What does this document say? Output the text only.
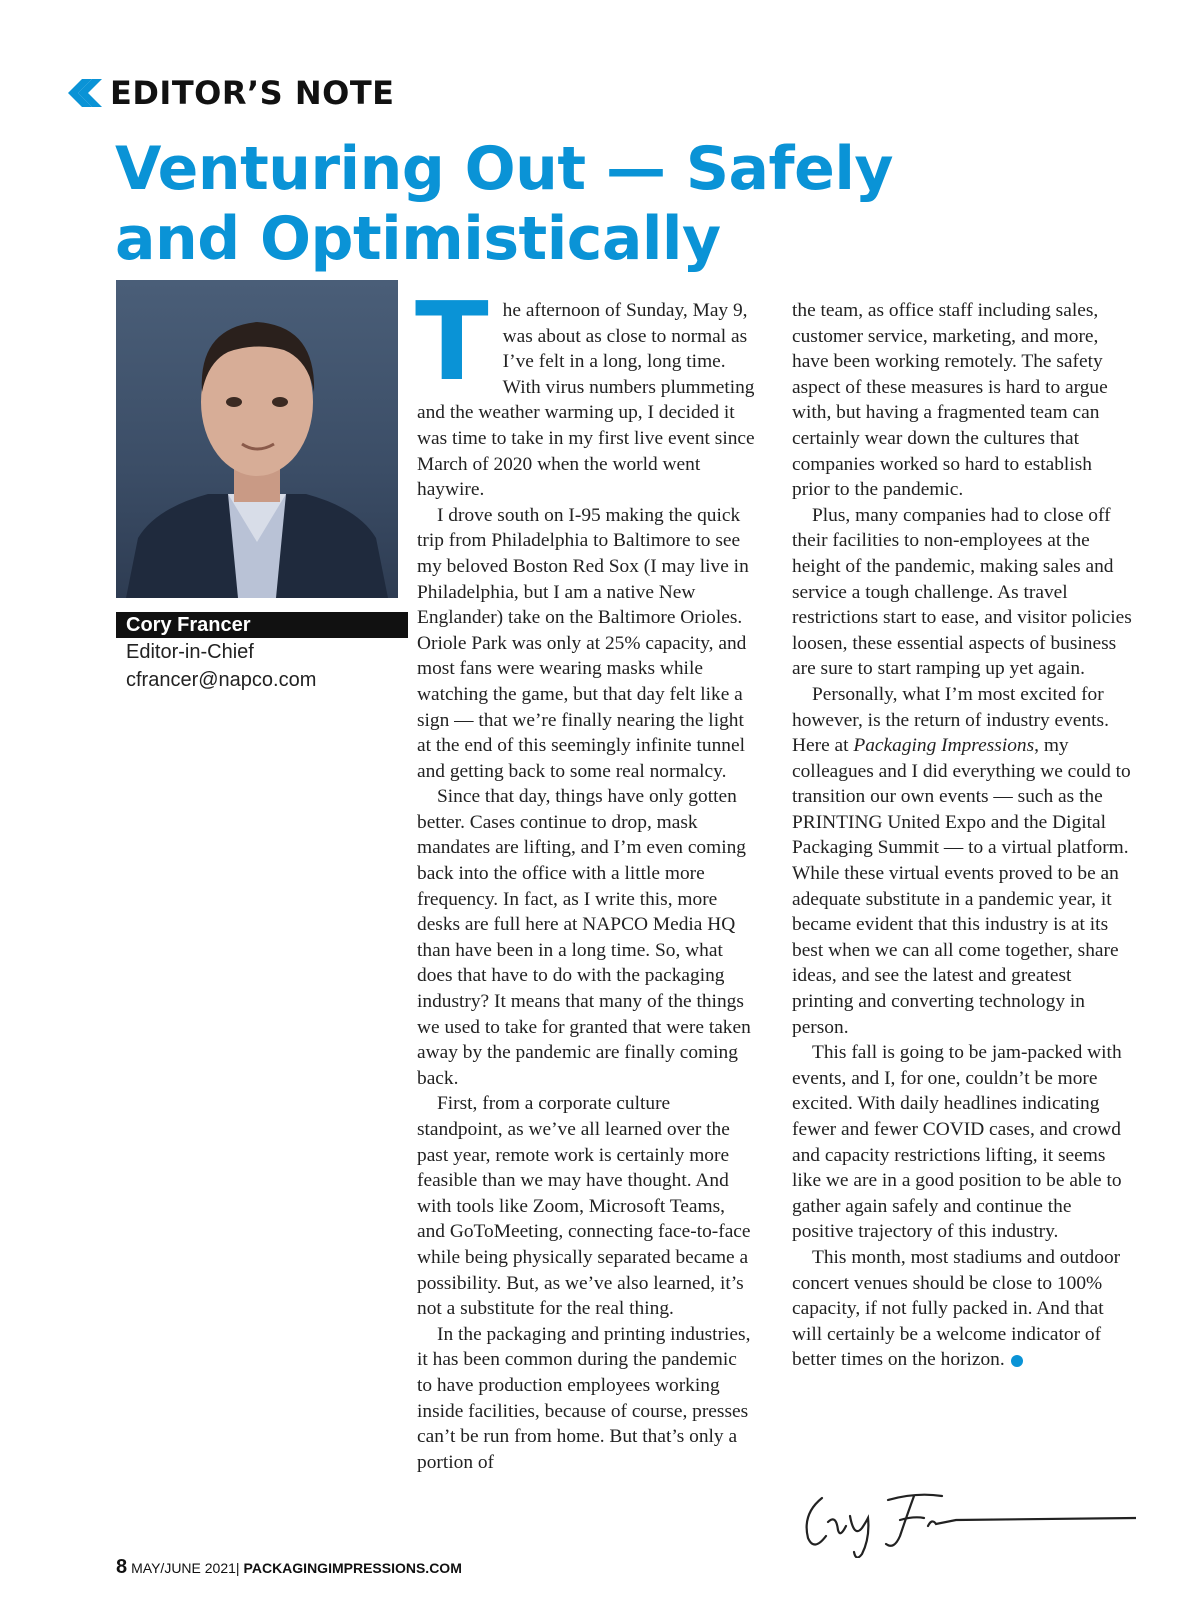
EDITOR’S NOTE
Venturing Out — Safely
and Optimistically
Cory Francer
Editor-in-Chief
cfrancer@napco.com

The afternoon of Sunday, May 9, was about as close to normal as I’ve felt in a long, long time. With virus numbers plummeting and the weather warming up, I decided it was time to take in my first live event since March of 2020 when the world went haywire.

I drove south on I-95 making the quick trip from Philadelphia to Baltimore to see my beloved Boston Red Sox (I may live in Philadelphia, but I am a native New Englander) take on the Baltimore Orioles. Oriole Park was only at 25% capacity, and most fans were wearing masks while watching the game, but that day felt like a sign — that we’re finally nearing the light at the end of this seemingly infinite tunnel and getting back to some real normalcy.

Since that day, things have only gotten better. Cases continue to drop, mask mandates are lifting, and I’m even coming back into the office with a little more frequency. In fact, as I write this, more desks are full here at NAPCO Media HQ than have been in a long time. So, what does that have to do with the packaging industry? It means that many of the things we used to take for granted that were taken away by the pandemic are finally coming back.

First, from a corporate culture standpoint, as we’ve all learned over the past year, remote work is certainly more feasible than we may have thought. And with tools like Zoom, Microsoft Teams, and GoToMeeting, connecting face-to-face while being physically separated became a possibility. But, as we’ve also learned, it’s not a substitute for the real thing.

In the packaging and printing industries, it has been common during the pandemic to have production employees working inside facilities, because of course, presses can’t be run from home. But that’s only a portion of

the team, as office staff including sales, customer service, marketing, and more, have been working remotely. The safety aspect of these measures is hard to argue with, but having a fragmented team can certainly wear down the cultures that companies worked so hard to establish prior to the pandemic.

Plus, many companies had to close off their facilities to non-employees at the height of the pandemic, making sales and service a tough challenge. As travel restrictions start to ease, and visitor policies loosen, these essential aspects of business are sure to start ramping up yet again.

Personally, what I’m most excited for however, is the return of industry events. Here at Packaging Impressions, my colleagues and I did everything we could to transition our own events — such as the PRINTING United Expo and the Digital Packaging Summit — to a virtual platform. While these virtual events proved to be an adequate substitute in a pandemic year, it became evident that this industry is at its best when we can all come together, share ideas, and see the latest and greatest printing and converting technology in person.

This fall is going to be jam-packed with events, and I, for one, couldn’t be more excited. With daily headlines indicating fewer and fewer COVID cases, and crowd and capacity restrictions lifting, it seems like we are in a good position to be able to gather again safely and continue the positive trajectory of this industry.

This month, most stadiums and outdoor concert venues should be close to 100% capacity, if not fully packed in. And that will certainly be a welcome indicator of better times on the horizon.

8 MAY/JUNE 2021| PACKAGINGIMPRESSIONS.COM
